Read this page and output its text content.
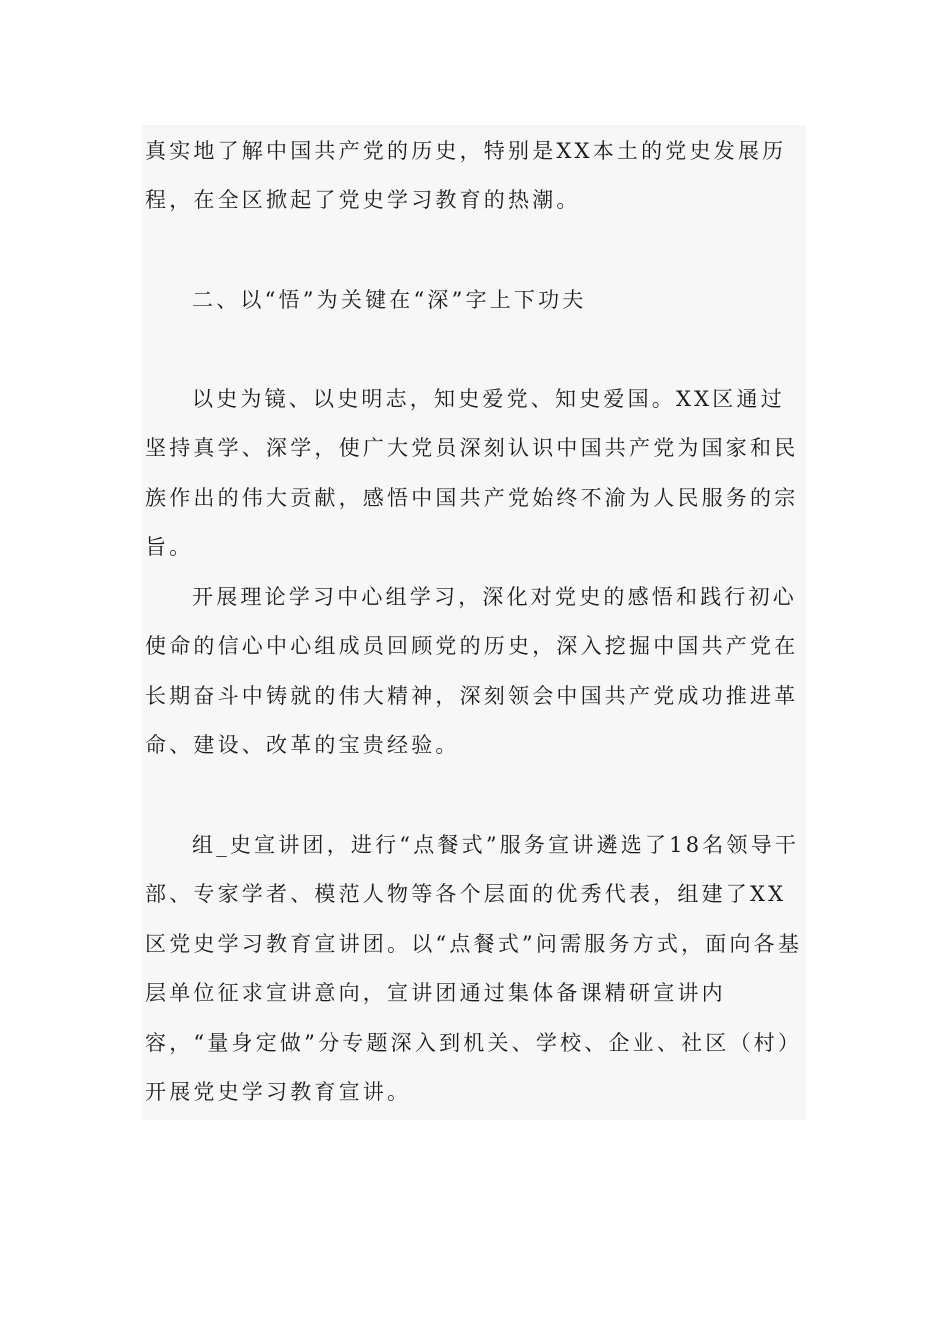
真实地了解中国共产党的历史，特别是XX本土的党史发展历程，在全区掀起了党史学习教育的热潮。

二、以“悟”为关键在“深”字上下功夫

以史为镜、以史明志，知史爱党、知史爱国。XX区通过坚持真学、深学，使广大党员深刻认识中国共产党为国家和民族作出的伟大贡献，感悟中国共产党始终不渝为人民服务的宗旨。

开展理论学习中心组学习，深化对党史的感悟和践行初心使命的信心中心组成员回顾党的历史，深入挖掘中国共产党在长期奋斗中铸就的伟大精神，深刻领会中国共产党成功推进革命、建设、改革的宝贵经验。

组_史宣讲团，进行“点餐式”服务宣讲遴选了18名领导干部、专家学者、模范人物等各个层面的优秀代表，组建了XX区党史学习教育宣讲团。以“点餐式”问需服务方式，面向各基层单位征求宣讲意向，宣讲团通过集体备课精研宣讲内容，“量身定做”分专题深入到机关、学校、企业、社区（村）开展党史学习教育宣讲。
